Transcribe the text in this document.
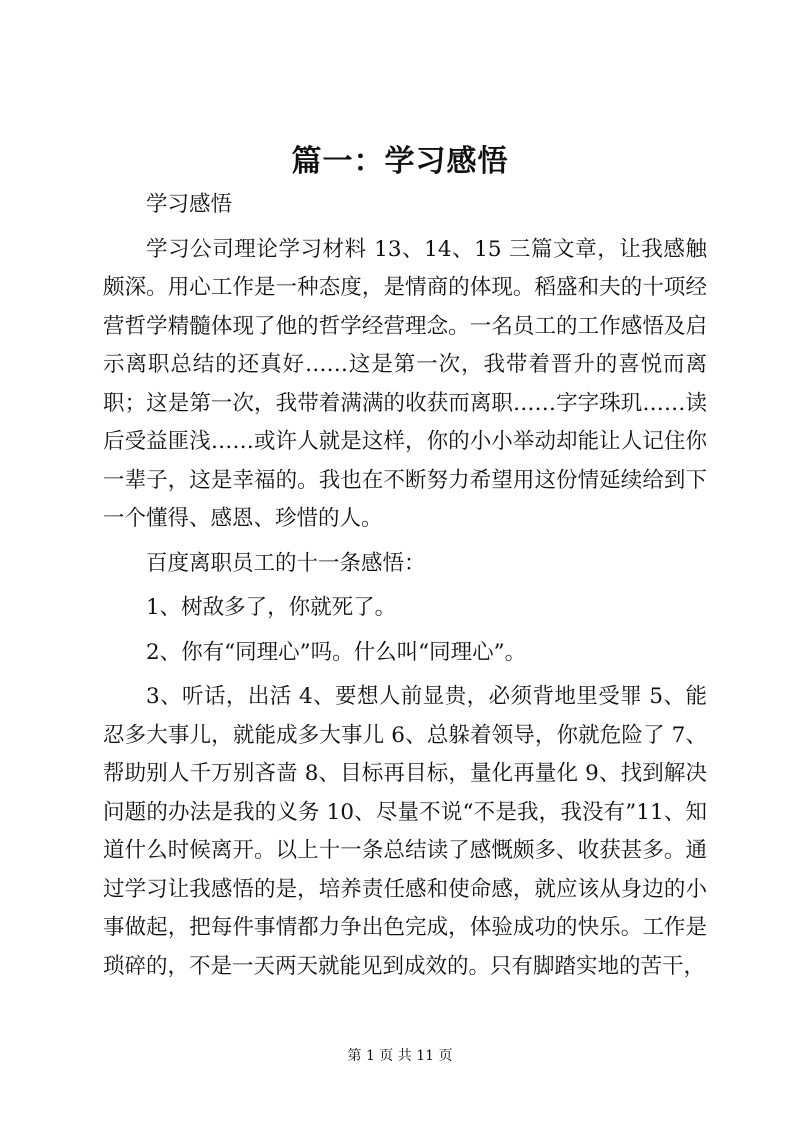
篇一：学习感悟

学习感悟

学习公司理论学习材料 13、14、15 三篇文章，让我感触颇深。用心工作是一种态度，是情商的体现。稻盛和夫的十项经营哲学精髓体现了他的哲学经营理念。一名员工的工作感悟及启示离职总结的还真好……这是第一次，我带着晋升的喜悦而离职；这是第一次，我带着满满的收获而离职……字字珠玑……读后受益匪浅……或许人就是这样，你的小小举动却能让人记住你一辈子，这是幸福的。我也在不断努力希望用这份情延续给到下一个懂得、感恩、珍惜的人。

百度离职员工的十一条感悟：

1、树敌多了，你就死了。

2、你有“同理心”吗。什么叫“同理心”。

3、听话，出活 4、要想人前显贵，必须背地里受罪 5、能忍多大事儿，就能成多大事儿 6、总躲着领导，你就危险了 7、帮助别人千万别吝啬 8、目标再目标，量化再量化 9、找到解决问题的办法是我的义务 10、尽量不说“不是我，我没有”11、知道什么时候离开。以上十一条总结读了感慨颇多、收获甚多。通过学习让我感悟的是，培养责任感和使命感，就应该从身边的小事做起，把每件事情都力争出色完成，体验成功的快乐。工作是琐碎的，不是一天两天就能见到成效的。只有脚踏实地的苦干，

第 1 页 共 11 页
